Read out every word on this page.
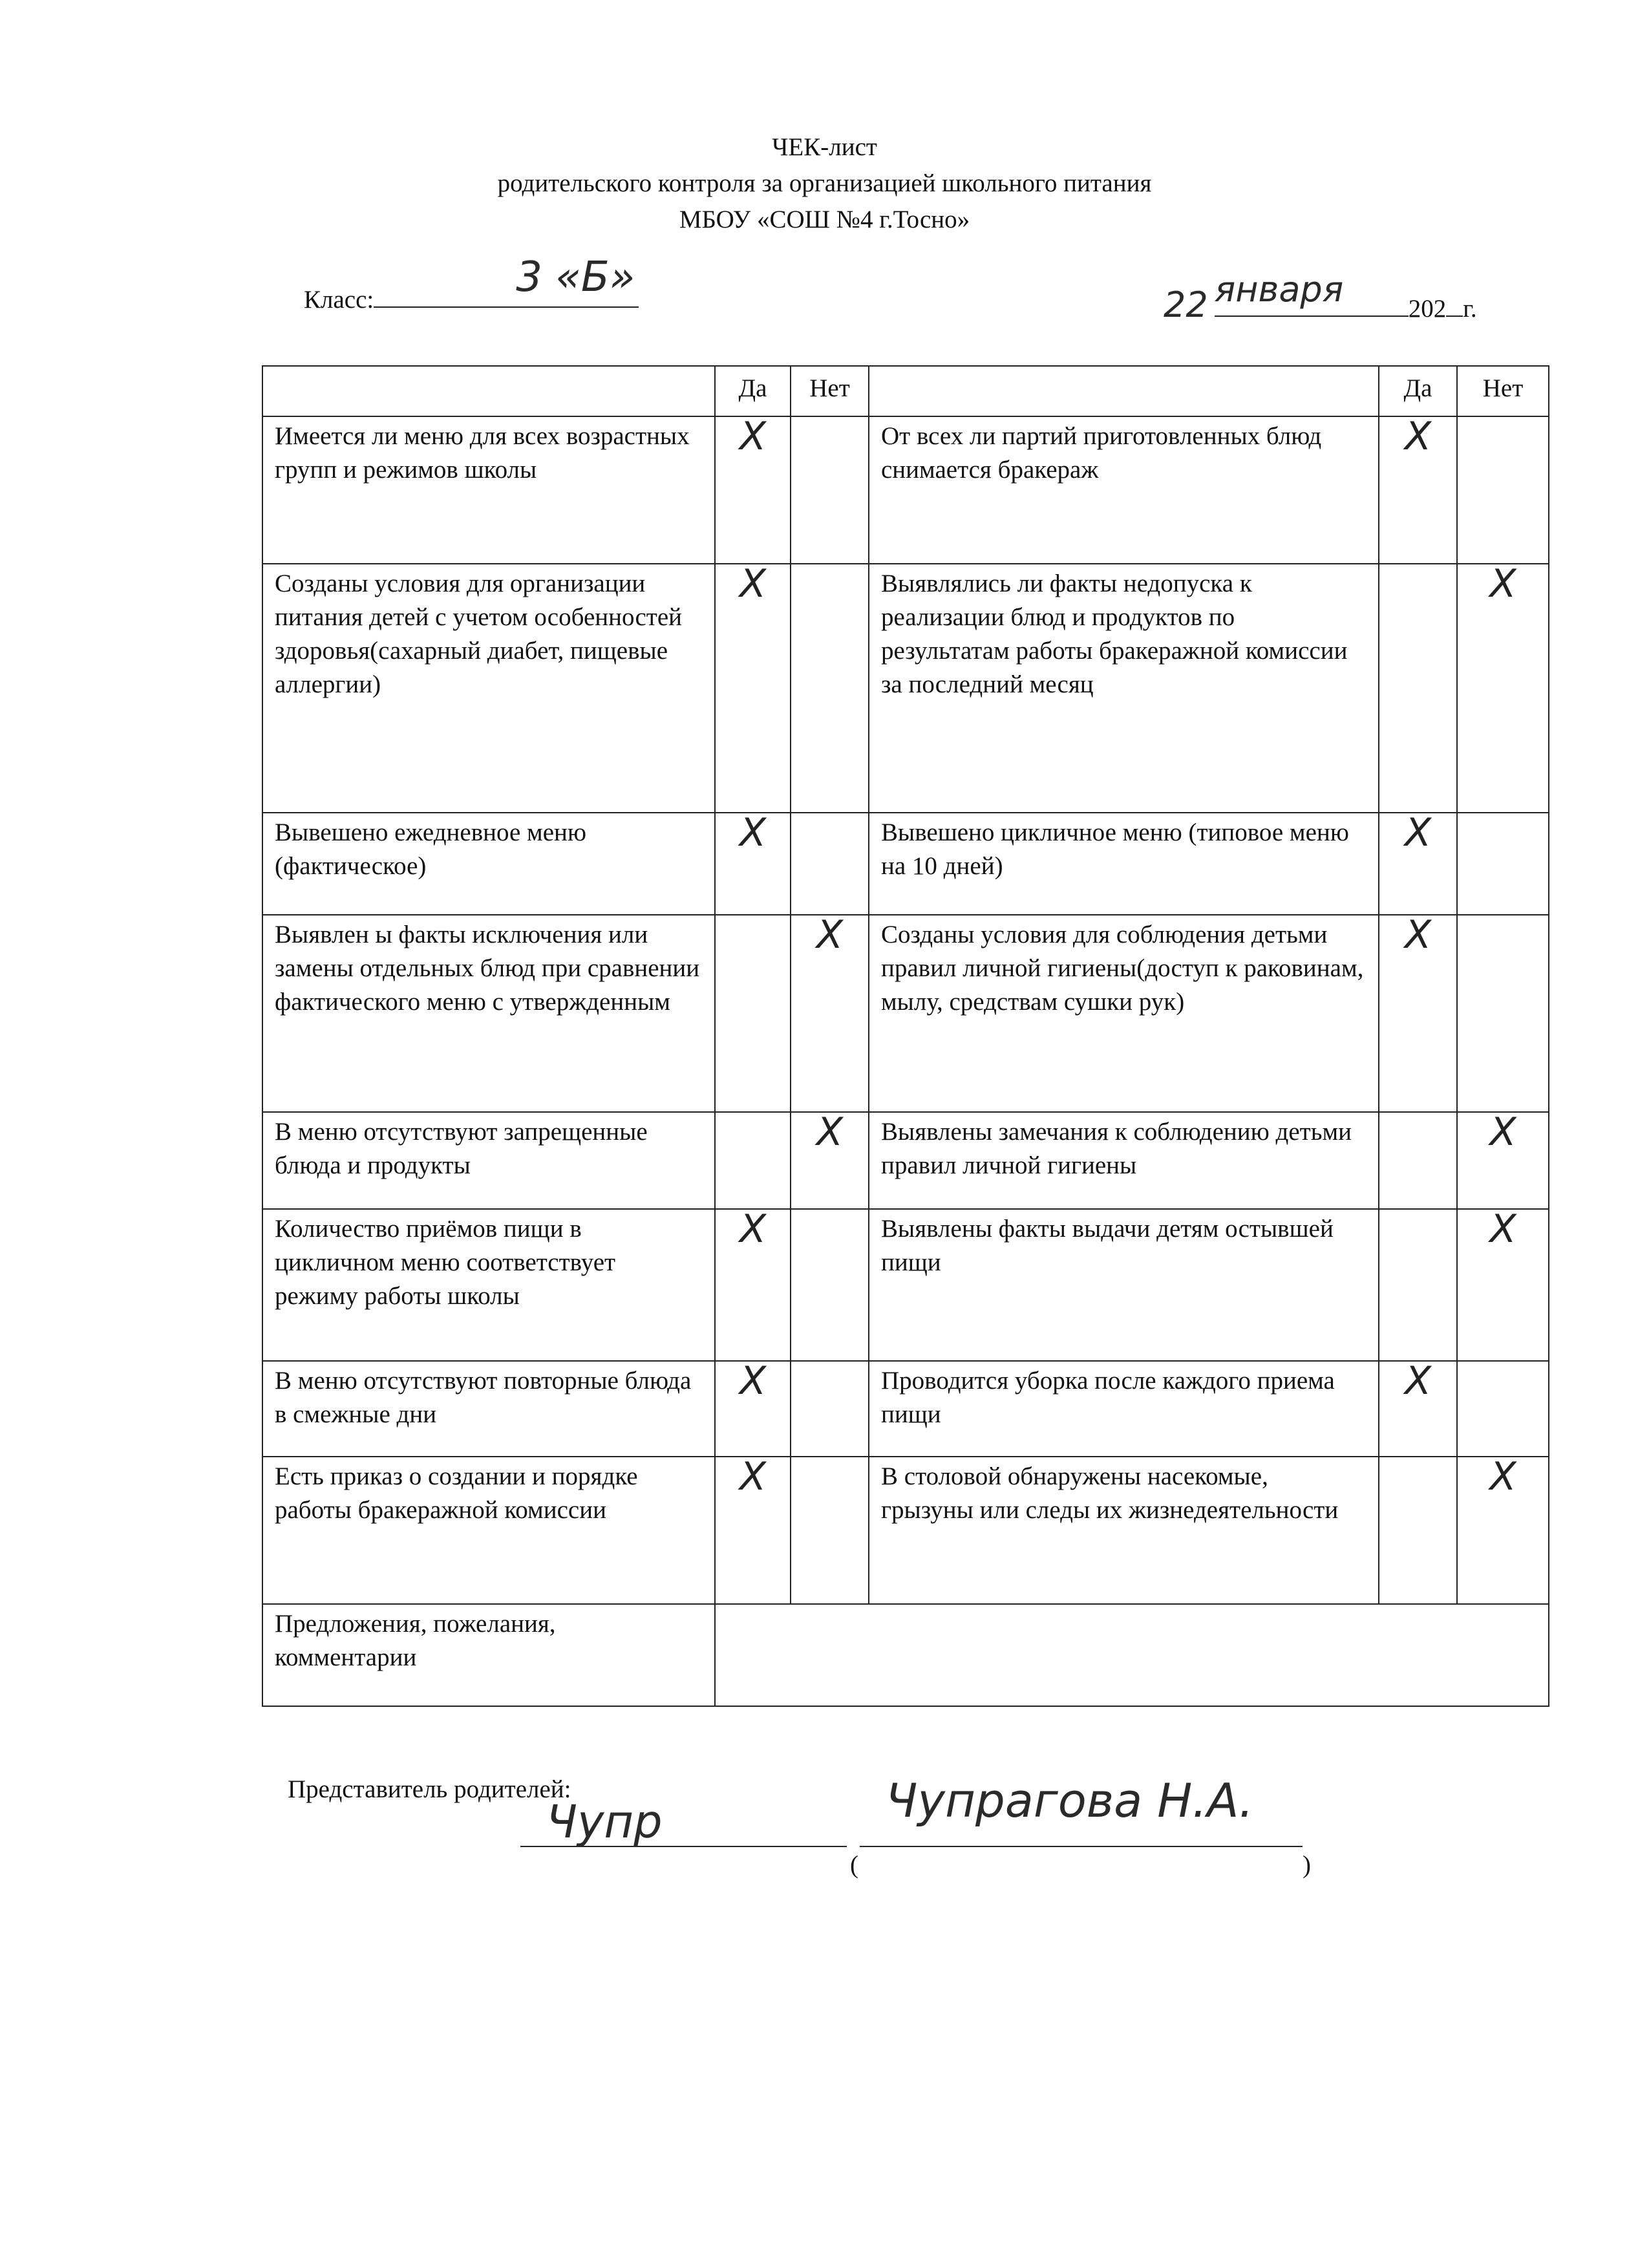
ЧЕК-лист
родительского контроля за организацией школьного питания
МБОУ «СОШ №4 г.Тосно»
Класс:	3 «Б»
22 января	202 г.
	Да	Нет		Да	Нет
Имеется ли меню для всех возрастных групп и режимов школы	X		От всех ли партий приготовленных блюд снимается бракераж	X	
Созданы условия для организации питания детей с учетом особенностей здоровья(сахарный диабет, пищевые аллергии)	X		Выявлялись ли факты недопуска к реализации блюд и продуктов по результатам работы бракеражной комиссии за последний месяц		X
Вывешено ежедневное меню (фактическое)	X		Вывешено цикличное меню (типовое меню на 10 дней)	X	
Выявлен ы факты исключения или замены отдельных блюд при сравнении фактического меню с утвержденным		X	Созданы условия для соблюдения детьми правил личной гигиены(доступ к раковинам, мылу, средствам сушки рук)	X	
В меню отсутствуют запрещенные блюда и продукты		X	Выявлены замечания к соблюдению детьми правил личной гигиены		X
Количество приёмов пищи в цикличном меню соответствует режиму работы школы	X		Выявлены факты выдачи детям остывшей пищи		X
В меню отсутствуют повторные блюда в смежные дни	X		Проводится уборка после каждого приема пищи	X	
Есть приказ о создании и порядке работы бракеражной комиссии	X		В столовой обнаружены насекомые, грызуны или следы их жизнедеятельности		X
Предложения, пожелания, комментарии					
Представитель родителей:
Чупр
(
Чупрагова Н.А.
)
